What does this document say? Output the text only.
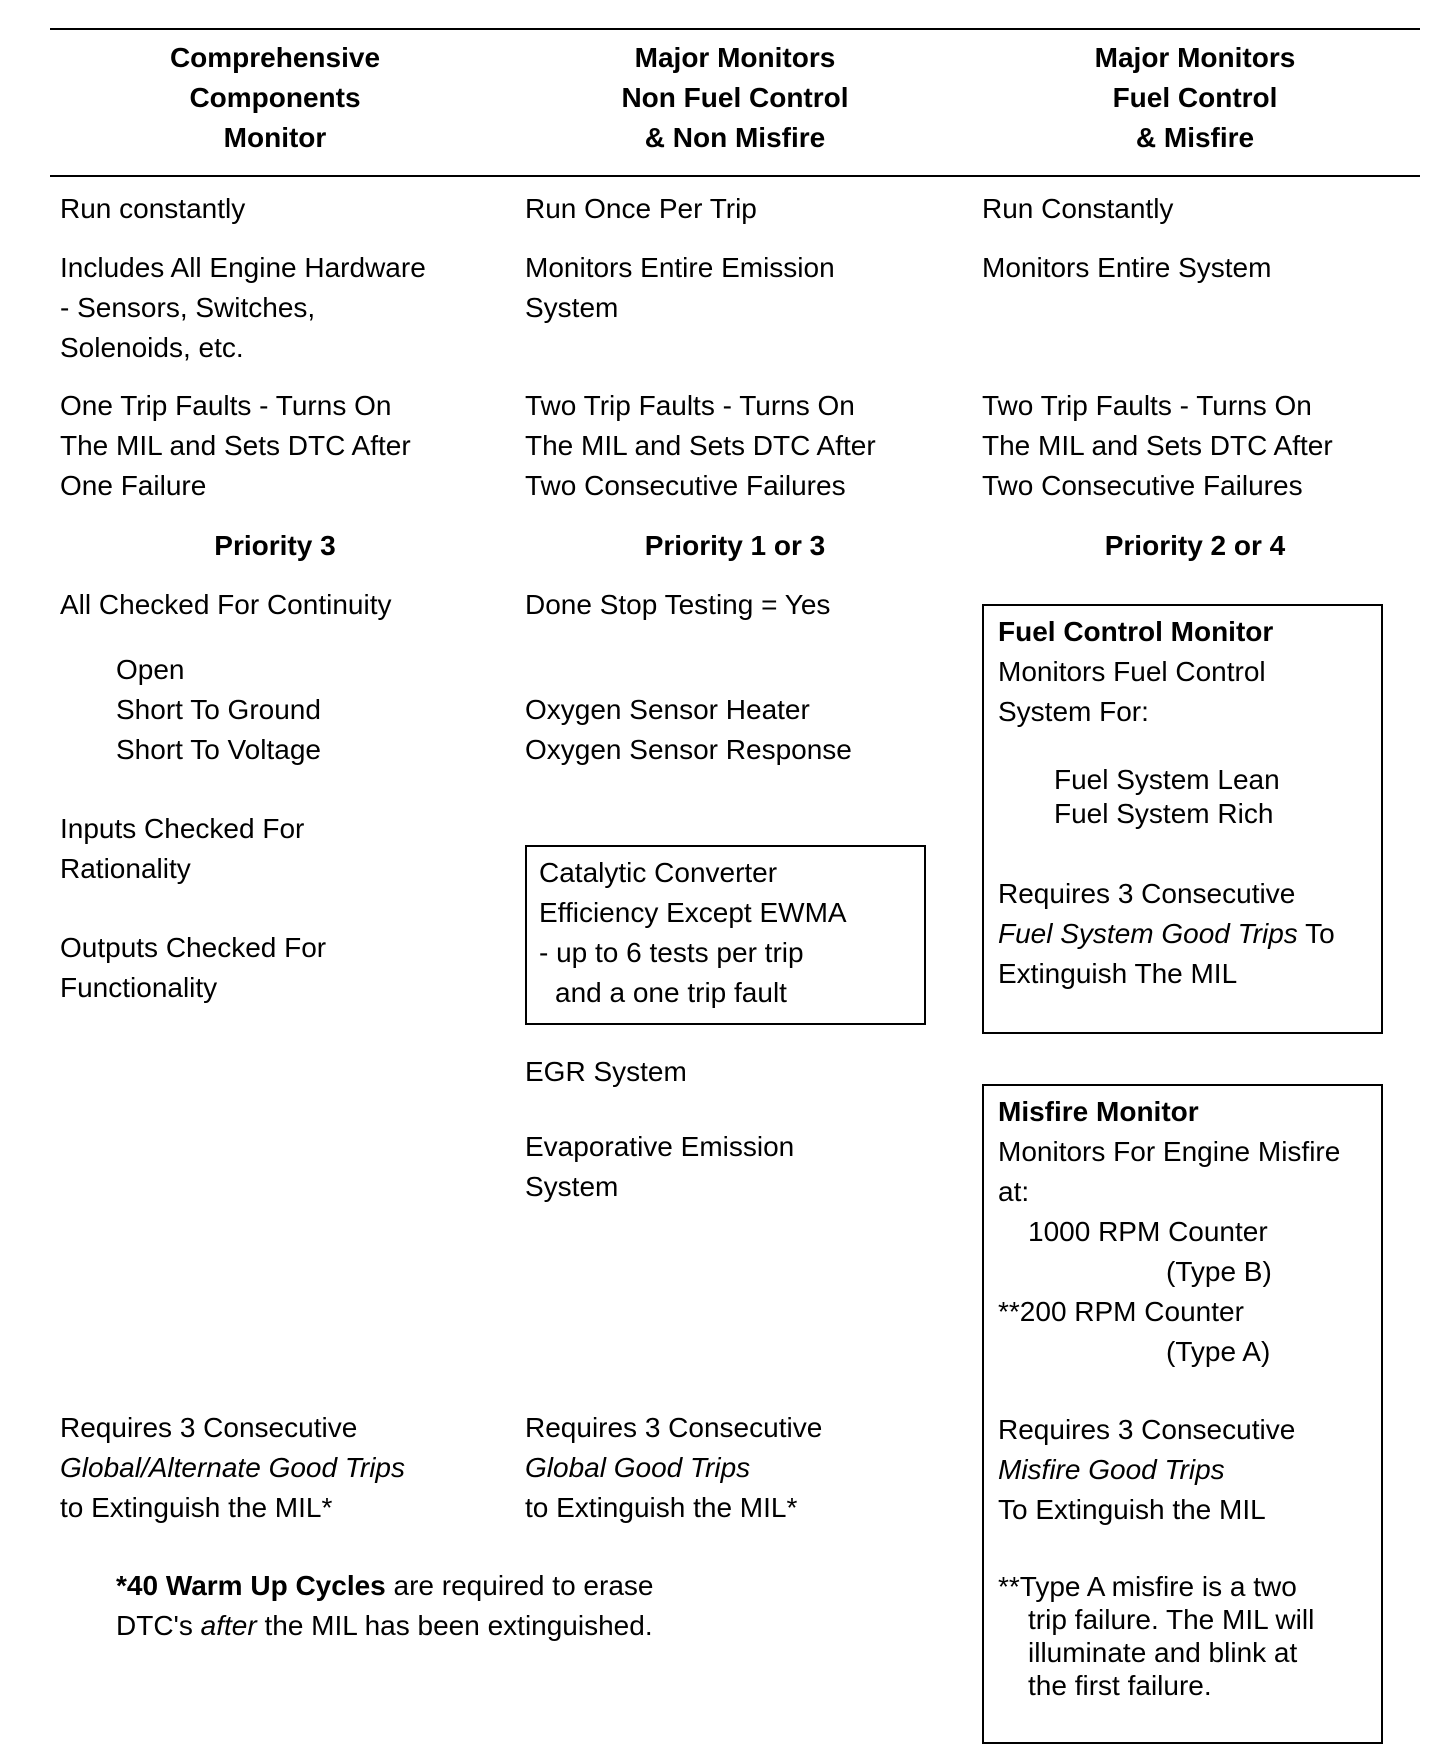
Comprehensive
Components
Monitor
Major Monitors
Non Fuel Control
& Non Misfire
Major Monitors
Fuel Control
& Misfire
Run constantly
Includes All Engine Hardware
- Sensors, Switches,
Solenoids, etc.
One Trip Faults - Turns On
The MIL and Sets DTC After
One Failure
Priority 3
All Checked For Continuity
Open
Short To Ground
Short To Voltage
Inputs Checked For
Rationality
Outputs Checked For
Functionality
Requires 3 Consecutive
Global/Alternate Good Trips
to Extinguish the MIL*
Run Once Per Trip
Monitors Entire Emission
System
Two Trip Faults - Turns On
The MIL and Sets DTC After
Two Consecutive Failures
Priority 1 or 3
Done Stop Testing = Yes
Oxygen Sensor Heater
Oxygen Sensor Response
Catalytic Converter
Efficiency Except EWMA
- up to 6 tests per trip
and a one trip fault
EGR System
Evaporative Emission
System
Requires 3 Consecutive
Global Good Trips
to Extinguish the MIL*
Run Constantly
Monitors Entire System
Two Trip Faults - Turns On
The MIL and Sets DTC After
Two Consecutive Failures
Priority 2 or 4
Fuel Control Monitor
Monitors Fuel Control
System For:
Fuel System Lean
Fuel System Rich
Requires 3 Consecutive
Fuel System Good Trips To
Extinguish The MIL
Misfire Monitor
Monitors For Engine Misfire
at:
1000 RPM Counter
(Type B)
**200 RPM Counter
(Type A)
Requires 3 Consecutive
Misfire Good Trips
To Extinguish the MIL
**Type A misfire is a two
trip failure. The MIL will
illuminate and blink at
the first failure.
*40 Warm Up Cycles are required to erase
DTC's after the MIL has been extinguished.
